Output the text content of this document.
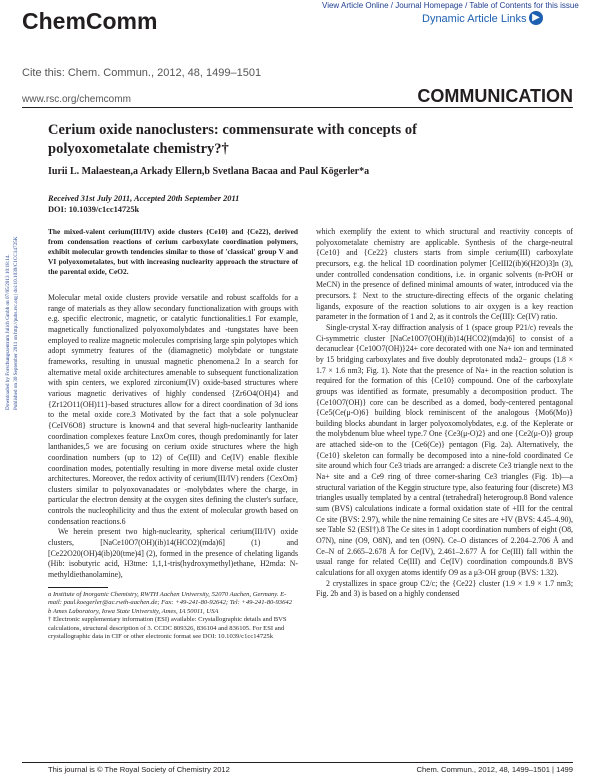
ChemComm
View Article Online / Journal Homepage / Table of Contents for this issue
Dynamic Article Links ▶
Cite this: Chem. Commun., 2012, 48, 1499–1501
www.rsc.org/chemcomm	COMMUNICATION
Downloaded by Forschungszentrum Julich Gmbh on 07/05/2013 10:18:14. Published on 30 September 2011 on http://pubs.rsc.org | doi:10.1039/C1CC14725K
Cerium oxide nanoclusters: commensurate with concepts of polyoxometalate chemistry?†
Iurii L. Malaestean,a Arkady Ellern,b Svetlana Bacaa and Paul Kögerler*a
Received 31st July 2011, Accepted 20th September 2011
DOI: 10.1039/c1cc14725k

The mixed-valent cerium(III/IV) oxide clusters {Ce10} and {Ce22}, derived from condensation reactions of cerium carboxylate coordination polymers, exhibit molecular growth tendencies similar to those of 'classical' group V and VI polyoxometalates, but with increasing nuclearity approach the structure of the parental oxide, CeO2.

Molecular metal oxide clusters provide versatile and robust scaffolds for a range of materials as they allow secondary functionalization with groups with e.g. specific electronic, magnetic, or catalytic functionalities.1 For example, magnetically functionalized polyoxomolybdates and -tungstates have been employed to realize magnetic molecules comprising large spin polytopes which adopt symmetry features of the (diamagnetic) molybdate or tungstate frameworks, resulting in unusual magnetic phenomena.2 In a search for alternative metal oxide architectures amenable to subsequent functionalization with spin centers, we explored zirconium(IV) oxide-based structures where various magnetic derivatives of highly condensed {Zr6O4(OH)4} and {Zr12O11(OH)11}-based structures allow for a direct coordination of 3d ions to the metal oxide core.3 Motivated by the fact that a sole polynuclear {CeIV6O8} structure is known4 and that several high-nuclearity lanthanide coordination complexes feature LnxOm cores, though predominantly for later lanthanides,5 we are focusing on cerium oxide structures where the high coordination numbers (up to 12) of Ce(III) and Ce(IV) enable flexible coordination modes, potentially resulting in more diverse metal oxide cluster architectures. Moreover, the redox activity of cerium(III/IV) renders {CexOm} clusters similar to polyoxovanadates or -molybdates where the charge, in particular the electron density at the oxygen sites defining the cluster's surface, controls the nucleophilicity and thus the extent of molecular growth based on condensation reactions.6

We herein present two high-nuclearity, spherical cerium(III/IV) oxide clusters, [NaCe10O7(OH)(ib)14(HCO2)(mda)6] (1) and [Ce22O20(OH)4(ib)20(tme)4] (2), formed in the presence of chelating ligands (Hib: isobutyric acid, H3tme: 1,1,1-tris(hydroxymethyl)ethane, H2mda: N-methyldiethanolamine),

a Institute of Inorganic Chemistry, RWTH Aachen University, 52070 Aachen, Germany. E-mail: paul.koegerler@ac.rwth-aachen.de; Fax: +49-241-80-92642; Tel: +49-241-80-93642
b Ames Laboratory, Iowa State University, Ames, IA 50011, USA
† Electronic supplementary information (ESI) available: Crystallographic details and BVS calculations, structural description of 3. CCDC 809326, 836104 and 836105. For ESI and crystallographic data in CIF or other electronic format see DOI: 10.1039/c1cc14725k

which exemplify the extent to which structural and reactivity concepts of polyoxometalate chemistry are applicable. Synthesis of the charge-neutral {Ce10} and {Ce22} clusters starts from simple cerium(III) carboxylate precursors, e.g. the helical 1D coordination polymer [CeIII2(ib)6(H2O)3]n (3), under controlled condensation conditions, i.e. in organic solvents (n-PrOH or MeCN) in the presence of defined minimal amounts of water, introduced via the precursors.‡ Next to the structure-directing effects of the organic chelating ligands, exposure of the reaction solutions to air oxygen is a key reaction parameter in the formation of 1 and 2, as it controls the Ce(III): Ce(IV) ratio.

Single-crystal X-ray diffraction analysis of 1 (space group P21/c) reveals the Ci-symmetric cluster [NaCe10O7(OH)(ib)14(HCO2)(mda)6] to consist of a decanuclear {Ce10O7(OH)}24+ core decorated with one Na+ ion and terminated by 15 bridging carboxylates and five doubly deprotonated mda2− groups (1.8 × 1.7 × 1.6 nm3; Fig. 1). Note that the presence of Na+ in the reaction solution is required for the formation of this {Ce10} compound. One of the carboxylate groups was identified as formate, presumably a decomposition product. The {Ce10O7(OH)} core can be described as a domed, body-centered pentagonal {Ce5(Ce(μ-O)6} building block reminiscent of the analogous {Mo6(Mo)} building blocks abundant in larger polyoxomolybdates, e.g. of the Keplerate or the molybdenum blue wheel type.7 One {Ce3(μ-O)2} and one {Ce2(μ-O)} group are attached side-on to the {Ce6(Ce)} pentagon (Fig. 2a). Alternatively, the {Ce10} skeleton can formally be decomposed into a nine-fold coordinated Ce site around which four Ce3 triads are arranged: a discrete Ce3 triangle next to the Na+ site and a Ce9 ring of three corner-sharing Ce3 triangles (Fig. 1b)—a structural variation of the Keggin structure type, also featuring four (discrete) M3 triangles usually templated by a central (tetrahedral) heterogroup.8 Bond valence sum (BVS) calculations indicate a formal oxidation state of +III for the central Ce site (BVS: 2.97), while the nine remaining Ce sites are +IV (BVS: 4.45–4.90), see Table S2 (ESI†).8 The Ce sites in 1 adopt coordination numbers of eight (O8, O7N), nine (O9, O8N), and ten (O9N). Ce–O distances of 2.204–2.706 Å and Ce–N of 2.665–2.678 Å for Ce(IV), 2.461–2.677 Å for Ce(III) fall within the usual range for related Ce(III) and Ce(IV) coordination compounds.8 BVS calculations for all oxygen atoms identify O9 as a μ3-OH group (BVS: 1.32).

2 crystallizes in space group C2/c; the {Ce22} cluster (1.9 × 1.9 × 1.7 nm3; Fig. 2b and 3) is based on a highly condensed

This journal is © The Royal Society of Chemistry 2012	Chem. Commun., 2012, 48, 1499–1501 | 1499
